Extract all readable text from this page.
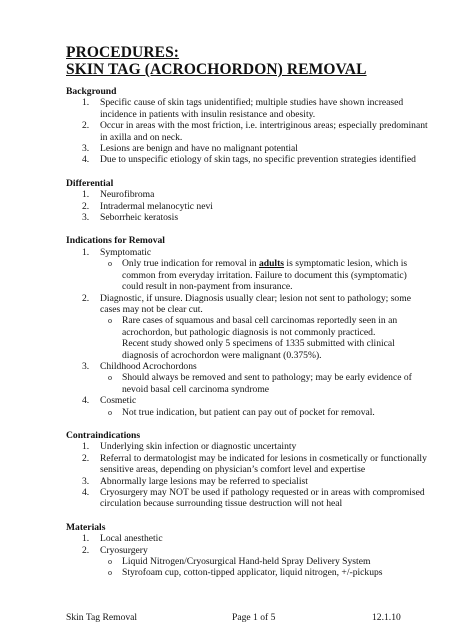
PROCEDURES:
SKIN TAG (ACROCHORDON) REMOVAL
Background
1. Specific cause of skin tags unidentified; multiple studies have shown increased incidence in patients with insulin resistance and obesity.
2. Occur in areas with the most friction, i.e. intertriginous areas; especially predominant in axilla and on neck.
3. Lesions are benign and have no malignant potential
4. Due to unspecific etiology of skin tags, no specific prevention strategies identified
Differential
1. Neurofibroma
2. Intradermal melanocytic nevi
3. Seborrheic keratosis
Indications for Removal
1. Symptomatic
o Only true indication for removal in adults is symptomatic lesion, which is common from everyday irritation. Failure to document this (symptomatic) could result in non-payment from insurance.
2. Diagnostic, if unsure. Diagnosis usually clear; lesion not sent to pathology; some cases may not be clear cut.
o Rare cases of squamous and basal cell carcinomas reportedly seen in an acrochordon, but pathologic diagnosis is not commonly practiced.
Recent study showed only 5 specimens of 1335 submitted with clinical diagnosis of acrochordon were malignant (0.375%).
3. Childhood Acrochordons
o Should always be removed and sent to pathology; may be early evidence of nevoid basal cell carcinoma syndrome
4. Cosmetic
o Not true indication, but patient can pay out of pocket for removal.
Contraindications
1. Underlying skin infection or diagnostic uncertainty
2. Referral to dermatologist may be indicated for lesions in cosmetically or functionally sensitive areas, depending on physician’s comfort level and expertise
3. Abnormally large lesions may be referred to specialist
4. Cryosurgery may NOT be used if pathology requested or in areas with compromised circulation because surrounding tissue destruction will not heal
Materials
1. Local anesthetic
2. Cryosurgery
o Liquid Nitrogen/Cryosurgical Hand-held Spray Delivery System
o Styrofoam cup, cotton-tipped applicator, liquid nitrogen, +/-pickups
Skin Tag Removal	Page 1 of 5	12.1.10
